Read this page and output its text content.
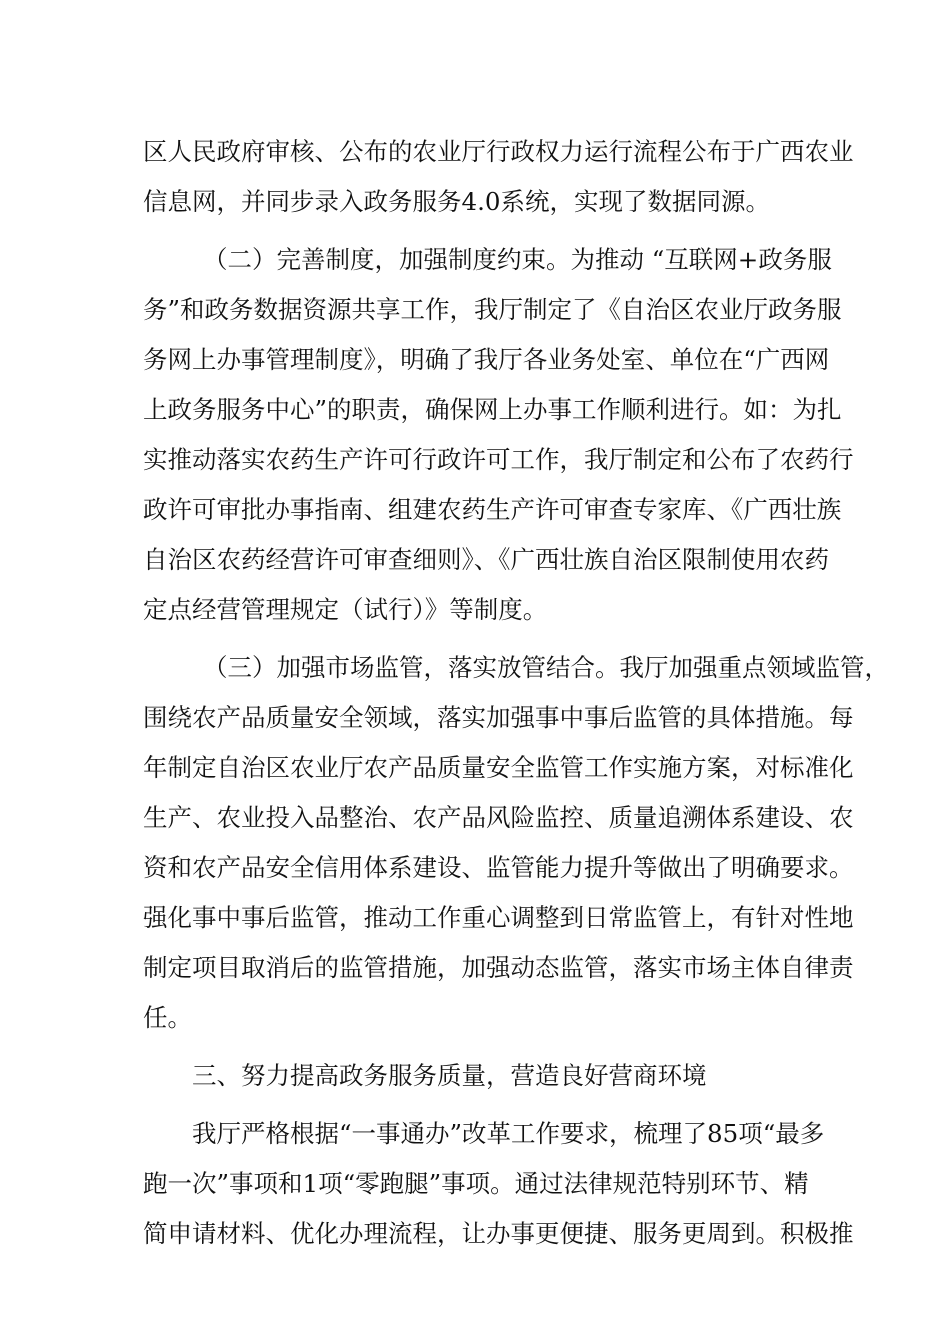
区人民政府审核、公布的农业厅行政权力运行流程公布于广西农业
信息网，并同步录入政务服务4.0系统，实现了数据同源。
（二）完善制度，加强制度约束。为推动 “互联网+政务服
务”和政务数据资源共享工作，我厅制定了《自治区农业厅政务服
务网上办事管理制度》，明确了我厅各业务处室、单位在“广西网
上政务服务中心”的职责，确保网上办事工作顺利进行。如：为扎
实推动落实农药生产许可行政许可工作，我厅制定和公布了农药行
政许可审批办事指南、组建农药生产许可审查专家库、《广西壮族
自治区农药经营许可审查细则》、《广西壮族自治区限制使用农药
定点经营管理规定（试行）》等制度。
（三）加强市场监管，落实放管结合。我厅加强重点领域监管，
围绕农产品质量安全领域，落实加强事中事后监管的具体措施。每
年制定自治区农业厅农产品质量安全监管工作实施方案，对标准化
生产、农业投入品整治、农产品风险监控、质量追溯体系建设、农
资和农产品安全信用体系建设、监管能力提升等做出了明确要求。
强化事中事后监管，推动工作重心调整到日常监管上，有针对性地
制定项目取消后的监管措施，加强动态监管，落实市场主体自律责
任。
三、努力提高政务服务质量，营造良好营商环境
我厅严格根据“一事通办”改革工作要求，梳理了85项“最多
跑一次”事项和1项“零跑腿”事项。通过法律规范特别环节、精
简申请材料、优化办理流程，让办事更便捷、服务更周到。积极推
